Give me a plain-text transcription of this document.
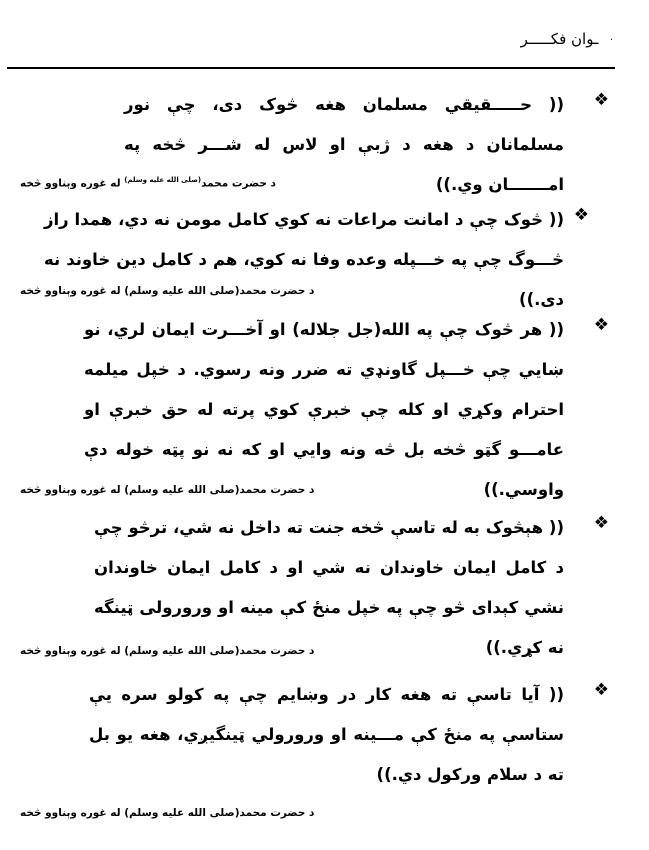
٠ ـوان فكـــــر
❖

(( حـــــقيقي مسلمان هغه څوک دی، چې نور مسلمانان د هغه د ژبې او لاس له شـــر څخه په امـــــــان وي.))

د حضرت محمد$^{(صلی الله عليه وسلم)}$ له غوره وېناوو څخه
❖

(( څوک چې د امانت مراعات نه کوي کامل مومن نه دي، همدا راز څـــوگ چې په خـــپله وعده وفا نه کوي، هم د کامل دين خاوند نه دی.))

د حضرت محمد(صلی الله عليه وسلم) له غوره وېناوو څخه
❖

(( هر څوک چې په الله(جل جلاله) او آخـــرت ايمان لري، نو ښايي چې خـــپل گاونډي ته ضرر ونه رسوي. د خپل ميلمه احترام وکړي او کله چې خبرې کوي پرته له حق خبرې او عامـــو گټو څخه بل څه ونه وايي او که نه نو پټه خوله دې واوسي.))

د حضرت محمد(صلی الله عليه وسلم) له غوره وېناوو څخه
❖

(( هېڅوک به له تاسې څخه جنت ته داخل نه شي، ترڅو چې د کامل ايمان خاوندان نه شي او د کامل ايمان خاوندان نشي کېدای څو چې په خپل منځ کې مينه او ورورولی ټينگه نه کړي.))

د حضرت محمد(صلی الله عليه وسلم) له غوره وېناوو څخه
❖

(( آيا تاسې ته هغه کار در وښايم چې په کولو سره يې ستاسې په منځ کې مـــينه او ورورولي ټينگيږي، هغه يو بل ته د سلام ورکول دي.))

د حضرت محمد(صلی الله عليه وسلم) له غوره وېناوو څخه
